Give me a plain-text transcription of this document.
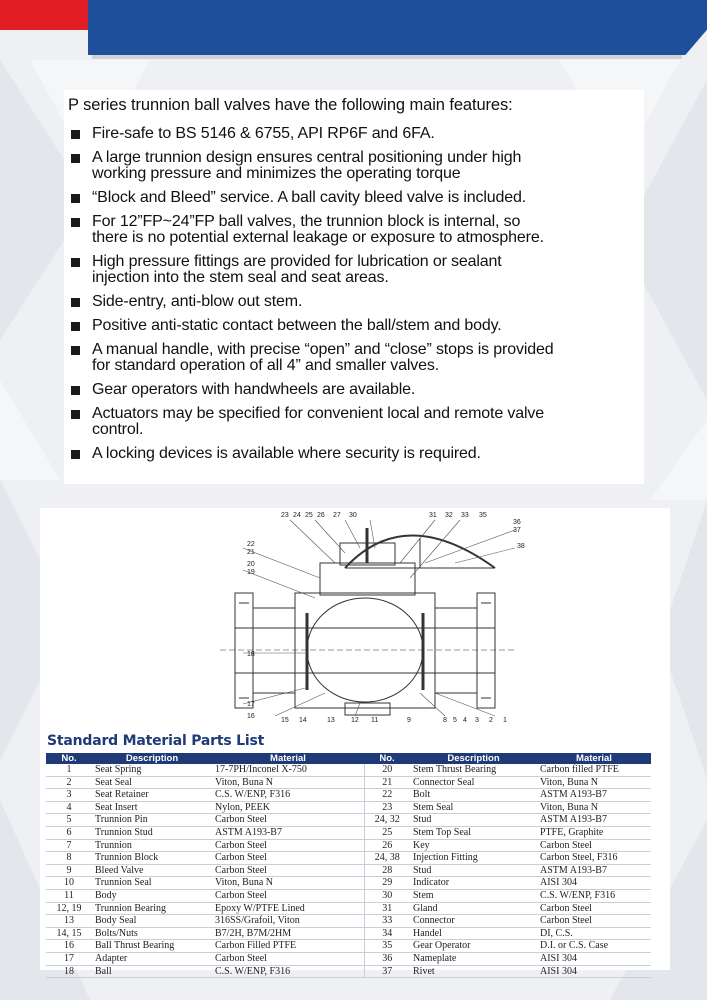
P series trunnion ball valves have the following main features:

Fire-safe to BS 5146 & 6755, API RP6F and 6FA.
A large trunnion design ensures central positioning under high
working pressure and minimizes the operating torque
“Block and Bleed” service. A ball cavity bleed valve is included.
For 12”FP~24”FP ball valves, the trunnion block is internal, so
there is no potential external leakage or exposure to atmosphere.
High pressure fittings are provided for lubrication or sealant
injection into the stem seal and seat areas.
Side-entry, anti-blow out stem.
Positive anti-static contact between the ball/stem and body.
A manual handle, with precise “open” and “close” stops is provided
for standard operation of all 4” and smaller valves.
Gear operators with handwheels are available.
Actuators may be specified for convenient local and remote valve
control.
A locking devices is available where security is required.
23 24 25 26 27 30	31 32 33 35
36
37
38
22
21
20
19
18
17
16
15 14	13 12 11	9	8 5 4 3 2 1
Standard Material Parts List
No.	Description	Material	No.	Description	Material
1	Seat Spring	17-7PH/Inconel X-750	20	Stem Thrust Bearing	Carbon filled PTFE
2	Seat Seal	Viton, Buna N	21	Connector Seal	Viton, Buna N
3	Seat Retainer	C.S. W/ENP, F316	22	Bolt	ASTM A193-B7
4	Seat Insert	Nylon, PEEK	23	Stem Seal	Viton, Buna N
5	Trunnion Pin	Carbon Steel	24, 32	Stud	ASTM A193-B7
6	Trunnion Stud	ASTM A193-B7	25	Stem Top Seal	PTFE, Graphite
7	Trunnion	Carbon Steel	26	Key	Carbon Steel
8	Trunnion Block	Carbon Steel	24, 38	Injection Fitting	Carbon Steel, F316
9	Bleed Valve	Carbon Steel	28	Stud	ASTM A193-B7
10	Trunnion Seal	Viton, Buna N	29	Indicator	AISI 304
11	Body	Carbon Steel	30	Stem	C.S. W/ENP, F316
12, 19	Trunnion Bearing	Epoxy W/PTFE Lined	31	Gland	Carbon Steel
13	Body Seal	316SS/Grafoil, Viton	33	Connector	Carbon Steel
14, 15	Bolts/Nuts	B7/2H, B7M/2HM	34	Handel	DI, C.S.
16	Ball Thrust Bearing	Carbon Filled PTFE	35	Gear Operator	D.I. or C.S. Case
17	Adapter	Carbon Steel	36	Nameplate	AISI 304
18	Ball	C.S. W/ENP, F316	37	Rivet	AISI 304
